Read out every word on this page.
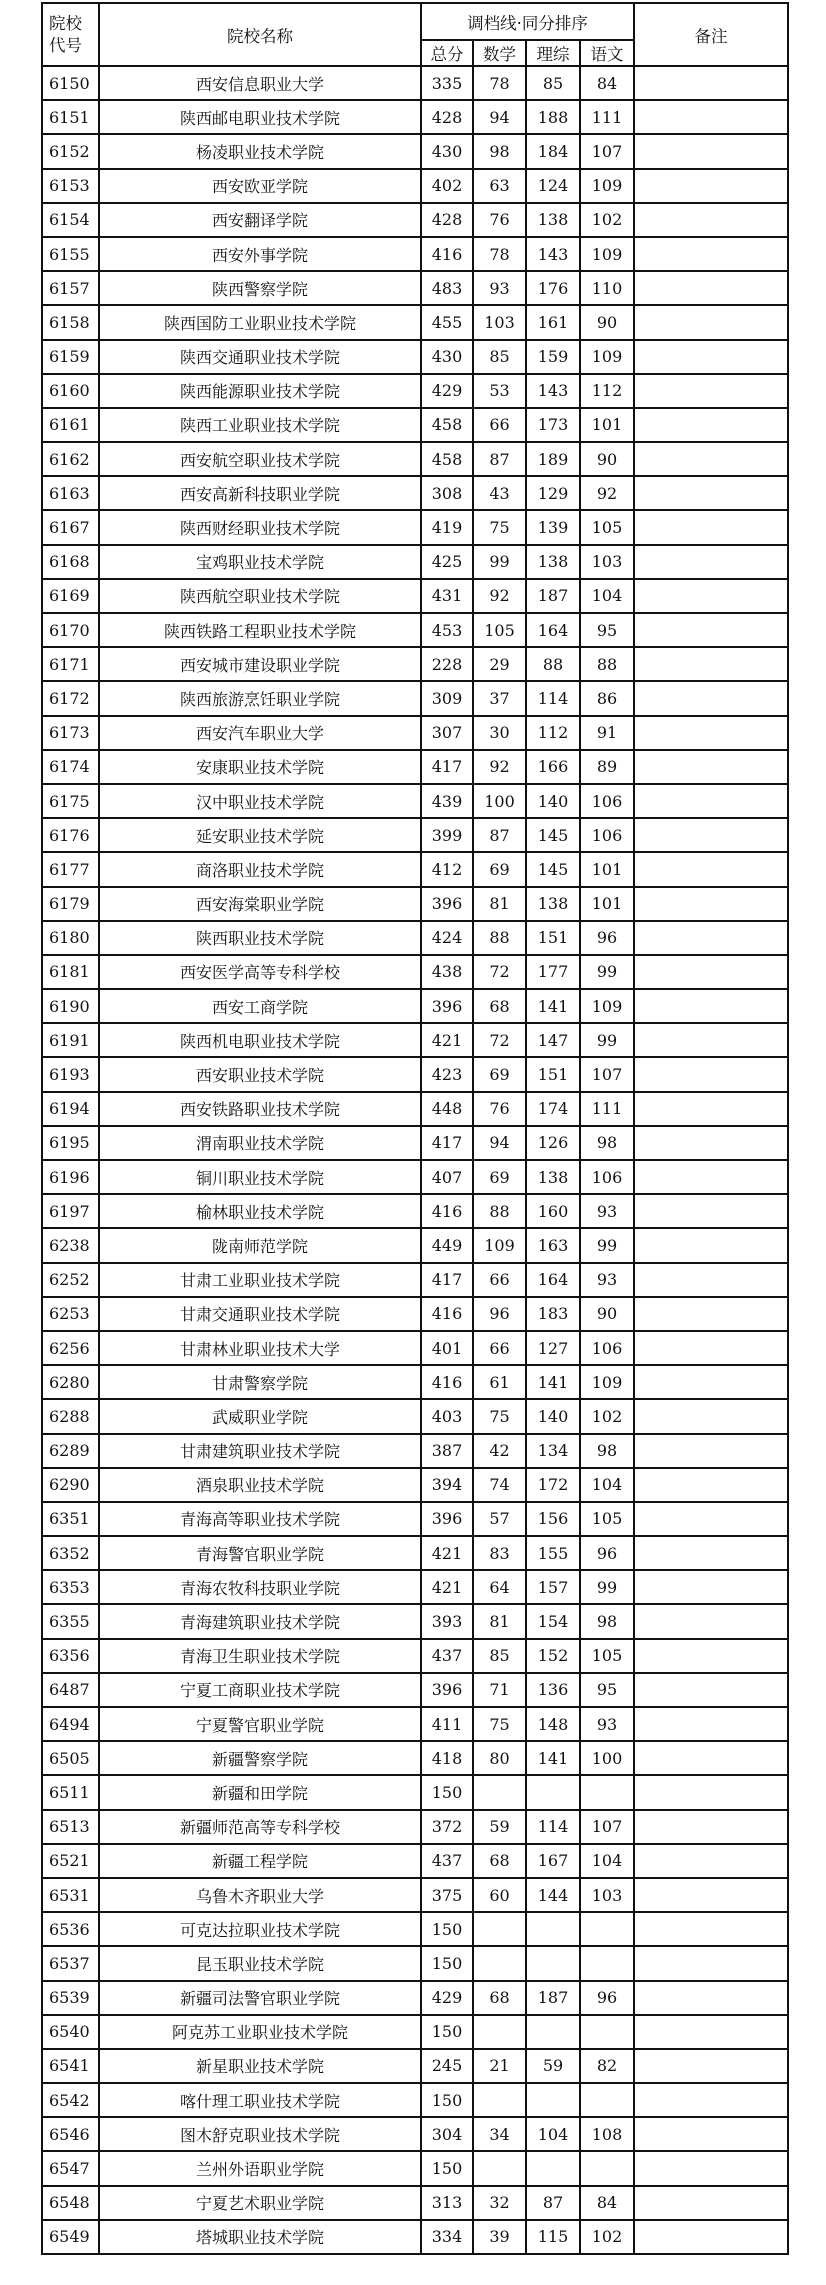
院校
代号	院校名称	调档线·同分排序				备注
		总分	数学	理综	语文	
6150	西安信息职业大学	335	78	85	84	
6151	陕西邮电职业技术学院	428	94	188	111	
6152	杨凌职业技术学院	430	98	184	107	
6153	西安欧亚学院	402	63	124	109	
6154	西安翻译学院	428	76	138	102	
6155	西安外事学院	416	78	143	109	
6157	陕西警察学院	483	93	176	110	
6158	陕西国防工业职业技术学院	455	103	161	90	
6159	陕西交通职业技术学院	430	85	159	109	
6160	陕西能源职业技术学院	429	53	143	112	
6161	陕西工业职业技术学院	458	66	173	101	
6162	西安航空职业技术学院	458	87	189	90	
6163	西安高新科技职业学院	308	43	129	92	
6167	陕西财经职业技术学院	419	75	139	105	
6168	宝鸡职业技术学院	425	99	138	103	
6169	陕西航空职业技术学院	431	92	187	104	
6170	陕西铁路工程职业技术学院	453	105	164	95	
6171	西安城市建设职业学院	228	29	88	88	
6172	陕西旅游烹饪职业学院	309	37	114	86	
6173	西安汽车职业大学	307	30	112	91	
6174	安康职业技术学院	417	92	166	89	
6175	汉中职业技术学院	439	100	140	106	
6176	延安职业技术学院	399	87	145	106	
6177	商洛职业技术学院	412	69	145	101	
6179	西安海棠职业学院	396	81	138	101	
6180	陕西职业技术学院	424	88	151	96	
6181	西安医学高等专科学校	438	72	177	99	
6190	西安工商学院	396	68	141	109	
6191	陕西机电职业技术学院	421	72	147	99	
6193	西安职业技术学院	423	69	151	107	
6194	西安铁路职业技术学院	448	76	174	111	
6195	渭南职业技术学院	417	94	126	98	
6196	铜川职业技术学院	407	69	138	106	
6197	榆林职业技术学院	416	88	160	93	
6238	陇南师范学院	449	109	163	99	
6252	甘肃工业职业技术学院	417	66	164	93	
6253	甘肃交通职业技术学院	416	96	183	90	
6256	甘肃林业职业技术大学	401	66	127	106	
6280	甘肃警察学院	416	61	141	109	
6288	武威职业学院	403	75	140	102	
6289	甘肃建筑职业技术学院	387	42	134	98	
6290	酒泉职业技术学院	394	74	172	104	
6351	青海高等职业技术学院	396	57	156	105	
6352	青海警官职业学院	421	83	155	96	
6353	青海农牧科技职业学院	421	64	157	99	
6355	青海建筑职业技术学院	393	81	154	98	
6356	青海卫生职业技术学院	437	85	152	105	
6487	宁夏工商职业技术学院	396	71	136	95	
6494	宁夏警官职业学院	411	75	148	93	
6505	新疆警察学院	418	80	141	100	
6511	新疆和田学院	150				
6513	新疆师范高等专科学校	372	59	114	107	
6521	新疆工程学院	437	68	167	104	
6531	乌鲁木齐职业大学	375	60	144	103	
6536	可克达拉职业技术学院	150				
6537	昆玉职业技术学院	150				
6539	新疆司法警官职业学院	429	68	187	96	
6540	阿克苏工业职业技术学院	150				
6541	新星职业技术学院	245	21	59	82	
6542	喀什理工职业技术学院	150				
6546	图木舒克职业技术学院	304	34	104	108	
6547	兰州外语职业学院	150				
6548	宁夏艺术职业学院	313	32	87	84	
6549	塔城职业技术学院	334	39	115	102	
